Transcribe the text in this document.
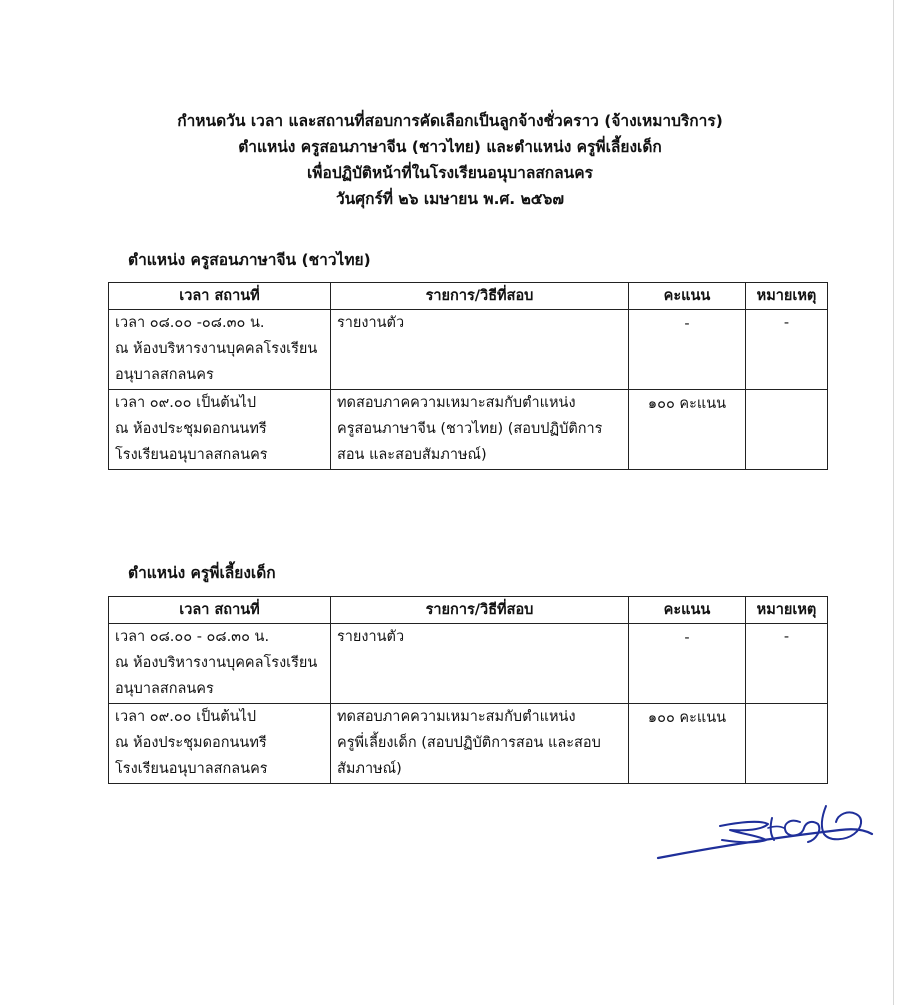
กำหนดวัน เวลา และสถานที่สอบการคัดเลือกเป็นลูกจ้างชั่วคราว (จ้างเหมาบริการ)
ตำแหน่ง ครูสอนภาษาจีน (ชาวไทย) และตำแหน่ง ครูพี่เลี้ยงเด็ก
เพื่อปฏิบัติหน้าที่ในโรงเรียนอนุบาลสกลนคร
วันศุกร์ที่ ๒๖ เมษายน พ.ศ. ๒๕๖๗
ตำแหน่ง ครูสอนภาษาจีน (ชาวไทย)
เวลา สถานที่	รายการ/วิธีที่สอบ	คะแนน	หมายเหตุ

เวลา ๐๘.๐๐ -๐๘.๓๐ น.
ณ ห้องบริหารงานบุคคลโรงเรียน
อนุบาลสกลนคร	รายงานตัว	-	-

เวลา ๐๙.๐๐ เป็นต้นไป
ณ ห้องประชุมดอกนนทรี
โรงเรียนอนุบาลสกลนคร	ทดสอบภาคความเหมาะสมกับตำแหน่ง
ครูสอนภาษาจีน (ชาวไทย) (สอบปฏิบัติการ
สอน และสอบสัมภาษณ์)	๑๐๐ คะแนน	
ตำแหน่ง ครูพี่เลี้ยงเด็ก
เวลา สถานที่	รายการ/วิธีที่สอบ	คะแนน	หมายเหตุ

เวลา ๐๘.๐๐ - ๐๘.๓๐ น.
ณ ห้องบริหารงานบุคคลโรงเรียน
อนุบาลสกลนคร	รายงานตัว	-	-

เวลา ๐๙.๐๐ เป็นต้นไป
ณ ห้องประชุมดอกนนทรี
โรงเรียนอนุบาลสกลนคร	ทดสอบภาคความเหมาะสมกับตำแหน่ง
ครูพี่เลี้ยงเด็ก (สอบปฏิบัติการสอน และสอบ
สัมภาษณ์)	๑๐๐ คะแนน	
